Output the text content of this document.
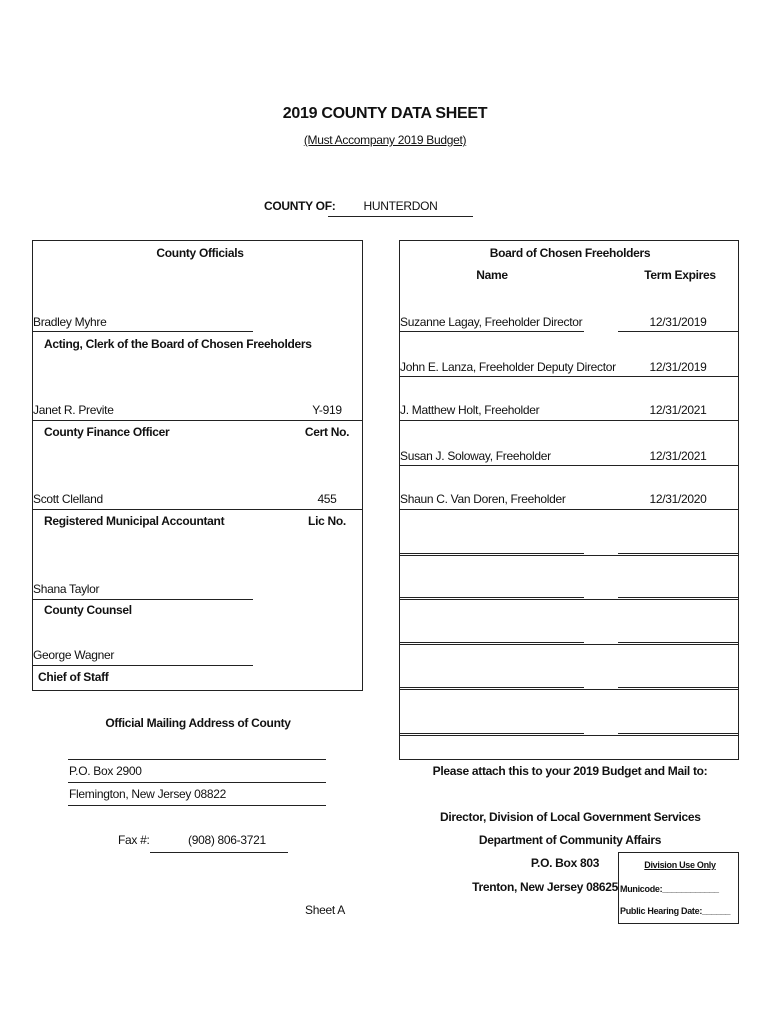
2019 COUNTY DATA SHEET
(Must Accompany 2019 Budget)
COUNTY OF:	HUNTERDON
County Officials
Bradley Myhre
Acting, Clerk of the Board of Chosen Freeholders
Janet R. Previte	Y-919
County Finance Officer	Cert No.
Scott Clelland	455
Registered Municipal Accountant	Lic No.
Shana Taylor
County Counsel
George Wagner
Chief of Staff
Official Mailing Address of County
P.O. Box 2900
Flemington, New Jersey 08822
Fax #:	(908) 806-3721
Board of Chosen Freeholders
Name	Term Expires
Suzanne Lagay, Freeholder Director	12/31/2019
John E. Lanza, Freeholder Deputy Director	12/31/2019
J. Matthew Holt, Freeholder	12/31/2021
Susan J. Soloway, Freeholder	12/31/2021
Shaun C. Van Doren, Freeholder	12/31/2020
Please attach this to your 2019 Budget and Mail to:
Director, Division of Local Government Services
Department of Community Affairs
P.O. Box 803
Trenton, New Jersey 08625
Division Use Only
Municode:____________
Public Hearing Date:______
Sheet A
